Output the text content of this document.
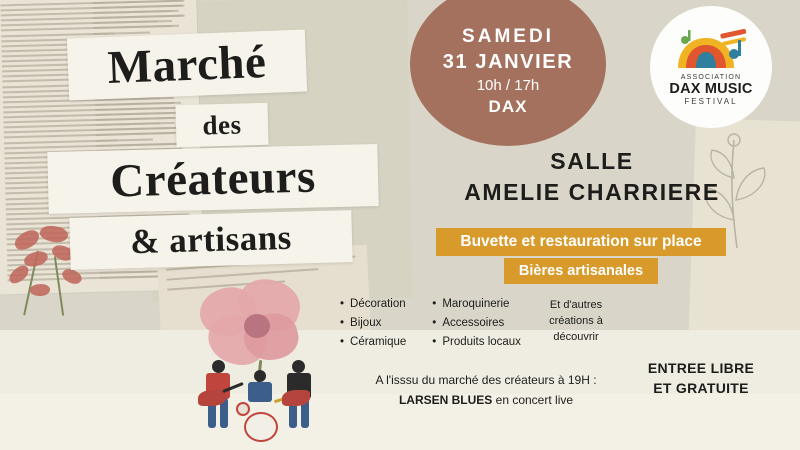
Marché
des
Créateurs
& artisans
SAMEDI
31 JANVIER
10h / 17h
DAX
ASSOCIATION
DAX MUSIC
FESTIVAL
SALLE
AMELIE CHARRIERE
Buvette et restauration sur place
Bières artisanales
• Décoration
• Bijoux
• Céramique
• Maroquinerie
• Accessoires
• Produits locaux
Et d'autres créations à découvrir
A l'isssu du marché des créateurs à 19H :
LARSEN BLUES en concert live
ENTREE LIBRE
ET GRATUITE
